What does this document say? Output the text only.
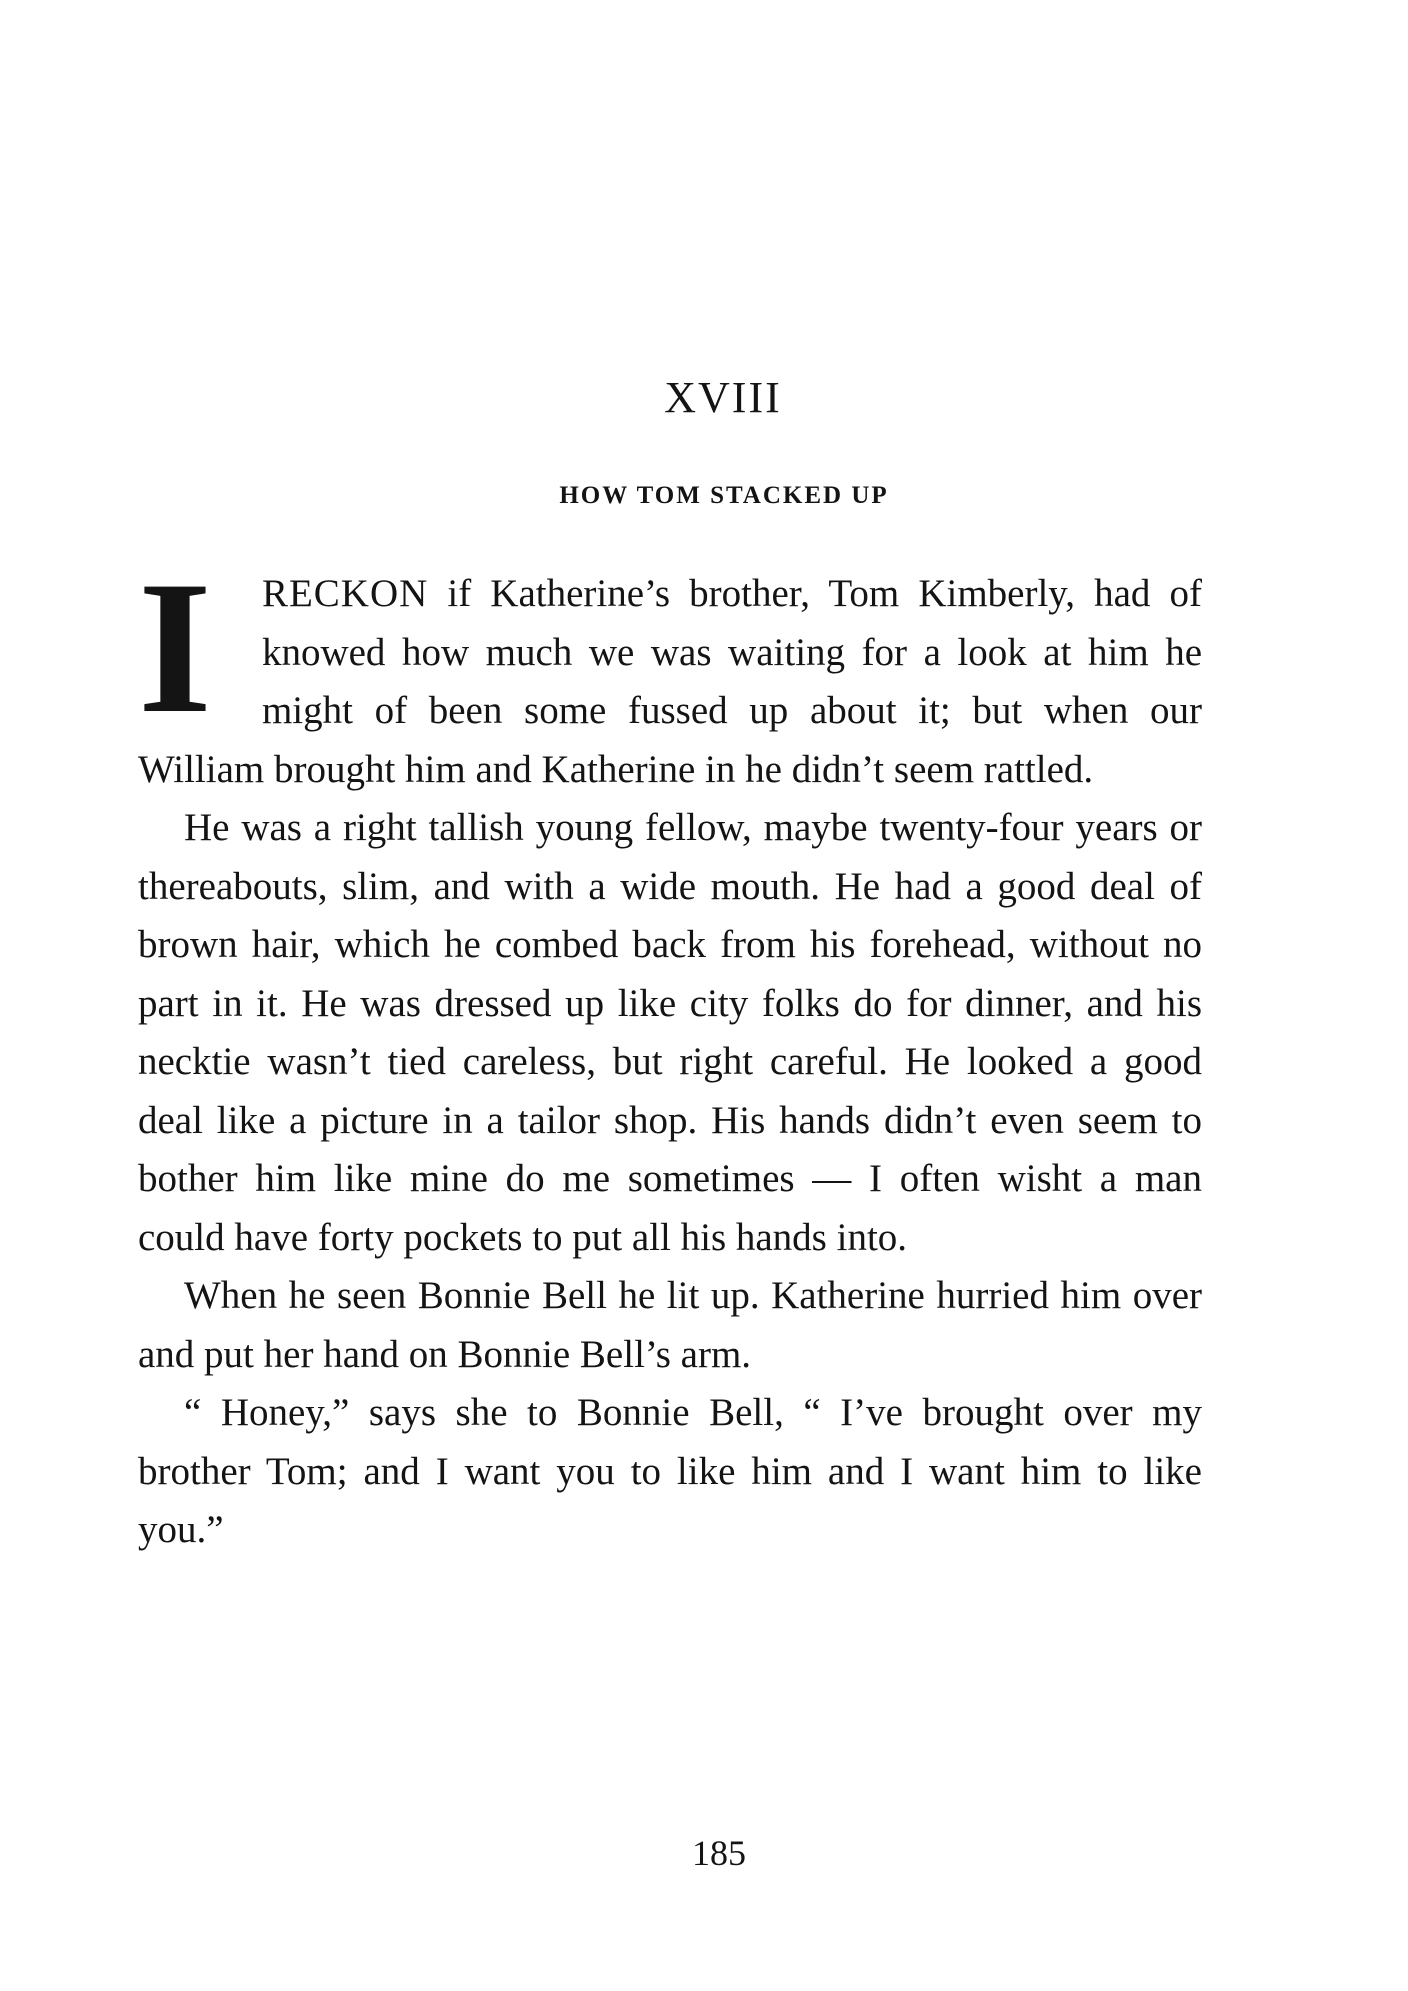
XVIII
HOW TOM STACKED UP

I RECKON if Katherine’s brother, Tom Kimberly, had of knowed how much we was waiting for a look at him he might of been some fussed up about it; but when our William brought him and Katherine in he didn’t seem rattled.

He was a right tallish young fellow, maybe twenty-four years or thereabouts, slim, and with a wide mouth. He had a good deal of brown hair, which he combed back from his forehead, without no part in it. He was dressed up like city folks do for dinner, and his necktie wasn’t tied careless, but right careful. He looked a good deal like a picture in a tailor shop. His hands didn’t even seem to bother him like mine do me sometimes — I often wisht a man could have forty pockets to put all his hands into.

When he seen Bonnie Bell he lit up. Katherine hurried him over and put her hand on Bonnie Bell’s arm.

“ Honey,” says she to Bonnie Bell, “ I’ve brought over my brother Tom; and I want you to like him and I want him to like you.”

185
